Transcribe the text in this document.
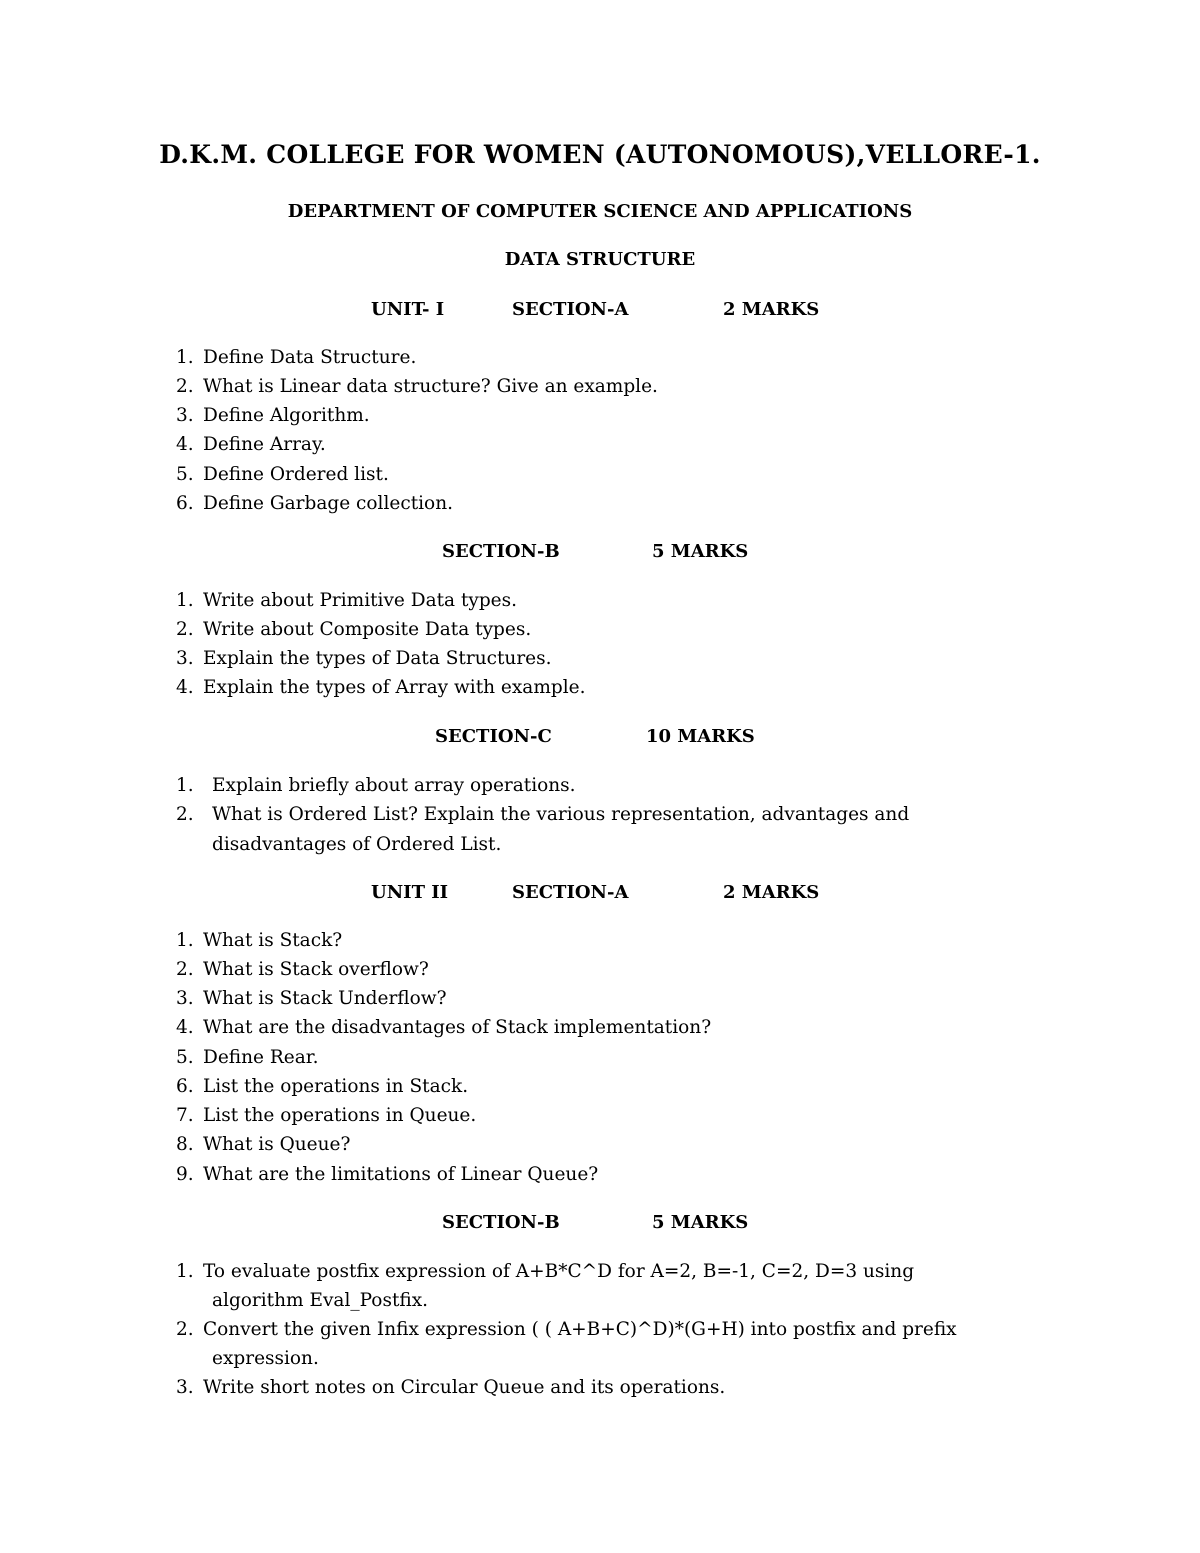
D.K.M. COLLEGE FOR WOMEN (AUTONOMOUS),VELLORE-1.
DEPARTMENT OF COMPUTER SCIENCE AND APPLICATIONS
DATA STRUCTURE
UNIT- I	SECTION-A	2 MARKS
1. Define Data Structure.
2. What is Linear data structure? Give an example.
3. Define Algorithm.
4. Define Array.
5. Define Ordered list.
6. Define Garbage collection.
SECTION-B	5 MARKS
1. Write about Primitive Data types.
2. Write about Composite Data types.
3. Explain the types of Data Structures.
4. Explain the types of Array with example.
SECTION-C	10 MARKS
1. Explain briefly about array operations.
2. What is Ordered List? Explain the various representation, advantages and
disadvantages of Ordered List.
UNIT II	SECTION-A	2 MARKS
1. What is Stack?
2. What is Stack overflow?
3. What is Stack Underflow?
4. What are the disadvantages of Stack implementation?
5. Define Rear.
6. List the operations in Stack.
7. List the operations in Queue.
8. What is Queue?
9. What are the limitations of Linear Queue?
SECTION-B	5 MARKS
1. To evaluate postfix expression of A+B*C^D for A=2, B=-1, C=2, D=3 using
algorithm Eval_Postfix.
2. Convert the given Infix expression ( ( A+B+C)^D)*(G+H) into postfix and prefix
expression.
3. Write short notes on Circular Queue and its operations.
